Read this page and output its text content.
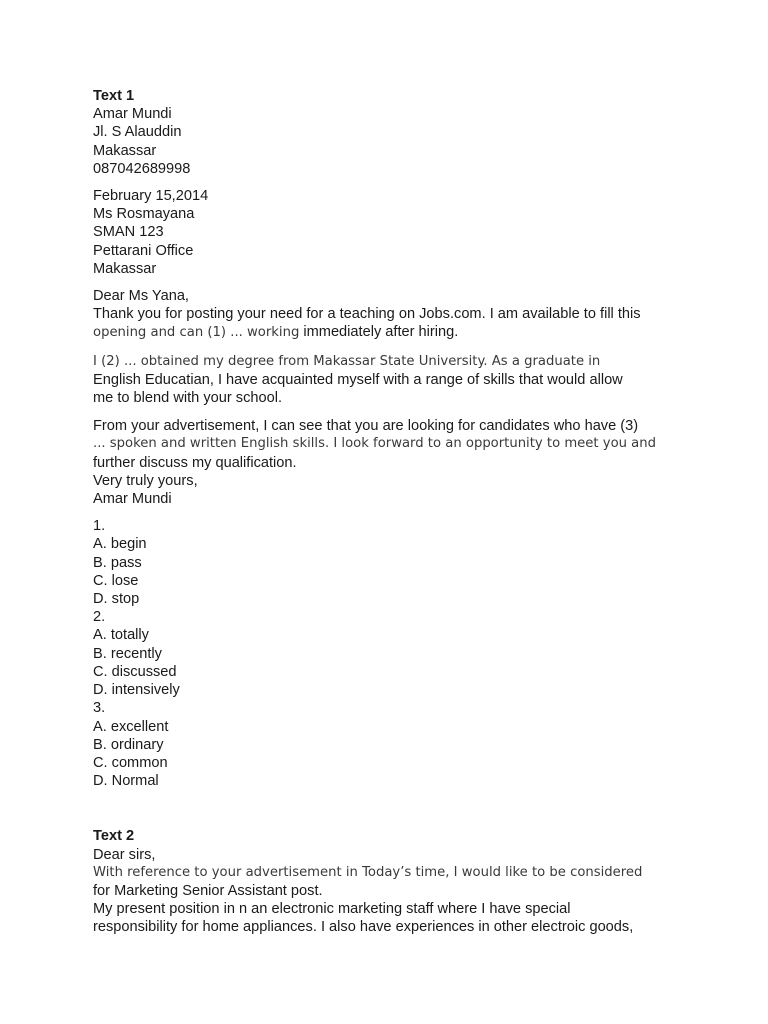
Text 1
Amar Mundi
Jl. S Alauddin
Makassar
087042689998
February 15,2014
Ms Rosmayana
SMAN 123
Pettarani Office
Makassar
Dear Ms Yana,
Thank you for posting your need for a teaching on Jobs.com. I am available to fill this
opening and can (1) ... working immediately after hiring.
I (2) ... obtained my degree from Makassar State University. As a graduate in
English Educatian, I have acquainted myself with a range of skills that would allow
me to blend with your school.
From your advertisement, I can see that you are looking for candidates who have (3)
... spoken and written English skills. I look forward to an opportunity to meet you and
further discuss my qualification.
Very truly yours,
Amar Mundi
1.
A. begin
B. pass
C. lose
D. stop
2.
A. totally
B. recently
C. discussed
D. intensively
3.
A. excellent
B. ordinary
C. common
D. Normal
Text 2
Dear sirs,
With reference to your advertisement in Today’s time, I would like to be considered
for Marketing Senior Assistant post.
My present position in n an electronic marketing staff where I have special
responsibility for home appliances. I also have experiences in other electroic goods,
